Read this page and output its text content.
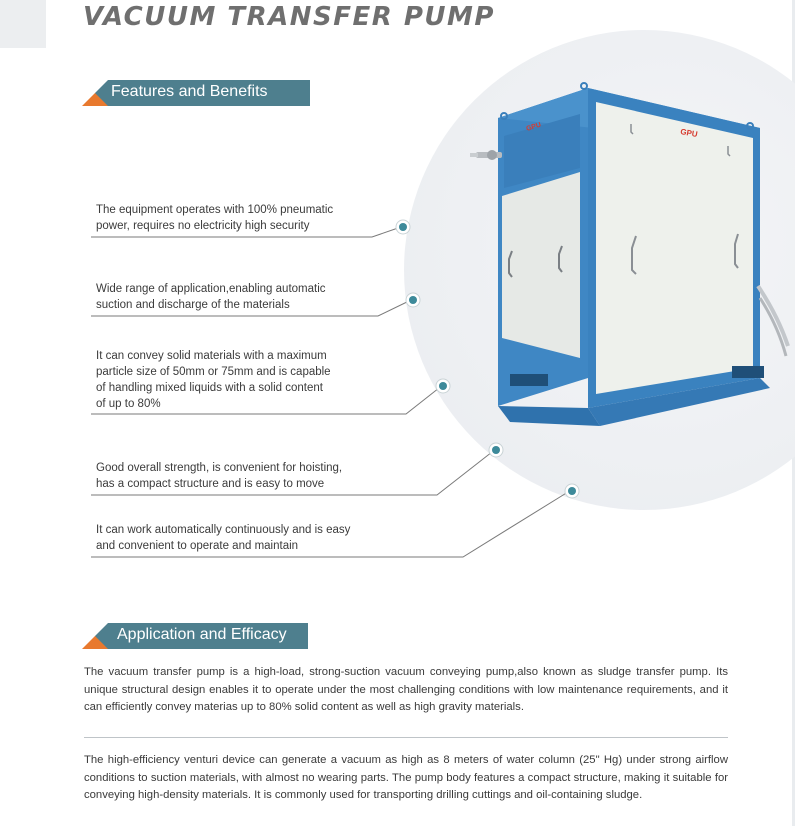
VACUUM TRANSFER PUMP
Features and Benefits
The equipment operates with 100% pneumatic
power, requires no electricity high security
Wide range of application,enabling automatic
suction and discharge of the materials
It can convey solid materials with a maximum
particle size of 50mm or 75mm and is capable
of handling mixed liquids with a solid content
of up to 80%
Good overall strength, is convenient for hoisting,
has a compact structure and is easy to move
It can work automatically continuously and is easy
and convenient to operate and maintain
GPU
GPU
Application and Efficacy

The vacuum transfer pump is a high-load, strong-suction vacuum conveying pump,also known as sludge transfer pump. Its unique structural design enables it to operate under the most challenging conditions with low maintenance requirements, and it can efficiently convey materias up to 80% solid content as well as high gravity materials.

The high-efficiency venturi device can generate a vacuum as high as 8 meters of water column (25" Hg) under strong airflow conditions to suction materials, with almost no wearing parts. The pump body features a compact structure, making it suitable for conveying high-density materials. It is commonly used for transporting drilling cuttings and oil-containing sludge.
